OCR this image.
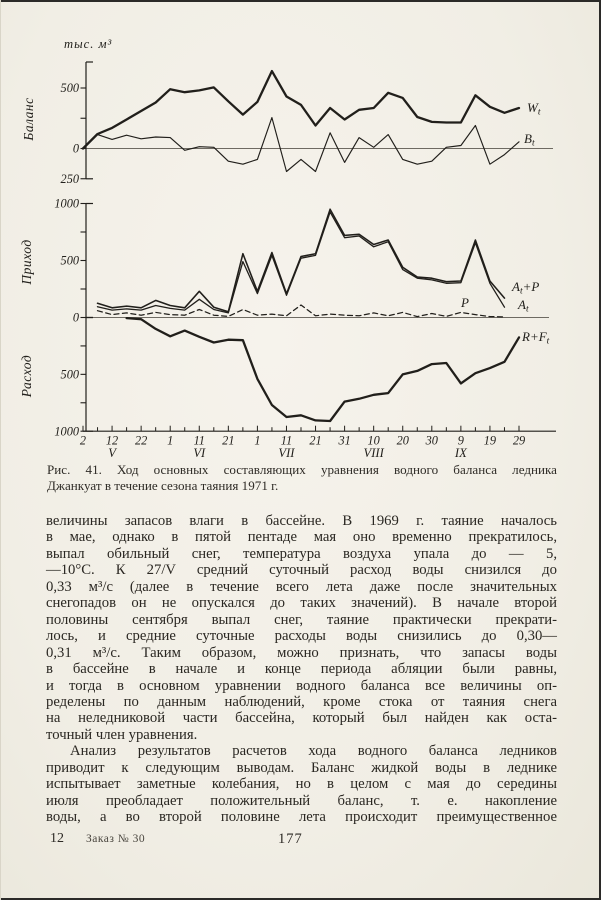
тыс. м³
500
0
250
Баланс	$W_t$
$B_t$
1000
500
0
Приход
$A_t+P$
$A_t$
P
500
1000
Расход
$R+F_t$
2 12 22 1 11 21 1 11 21 31 10 20 30 9 19 29
V	VI	VII	VIII	IX
Рис. 41. Ход основных составляющих уравнения водного баланса ледника
Джанкуат в течение сезона таяния 1971 г.
величины запасов влаги в бассейне. В 1969 г. таяние началось
в мае, однако в пятой пентаде мая оно временно прекратилось,
выпал обильный снег, температура воздуха упала до — 5,
—10°С. К 27/V средний суточный расход воды снизился до
0,33 м³/с (далее в течение всего лета даже после значительных
снегопадов он не опускался до таких значений). В начале второй
половины сентября выпал снег, таяние практически прекрати-
лось, и средние суточные расходы воды снизились до 0,30—
0,31 м³/с. Таким образом, можно признать, что запасы воды
в бассейне в начале и конце периода абляции были равны,
и тогда в основном уравнении водного баланса все величины оп-
ределены по данным наблюдений, кроме стока от таяния снега
на неледниковой части бассейна, который был найден как оста-
точный член уравнения.
Анализ результатов расчетов хода водного баланса ледников
приводит к следующим выводам. Баланс жидкой воды в леднике
испытывает заметные колебания, но в целом с мая до середины
июля преобладает положительный баланс, т. е. накопление
воды, а во второй половине лета происходит преимущественное
12 Заказ № 30	177
